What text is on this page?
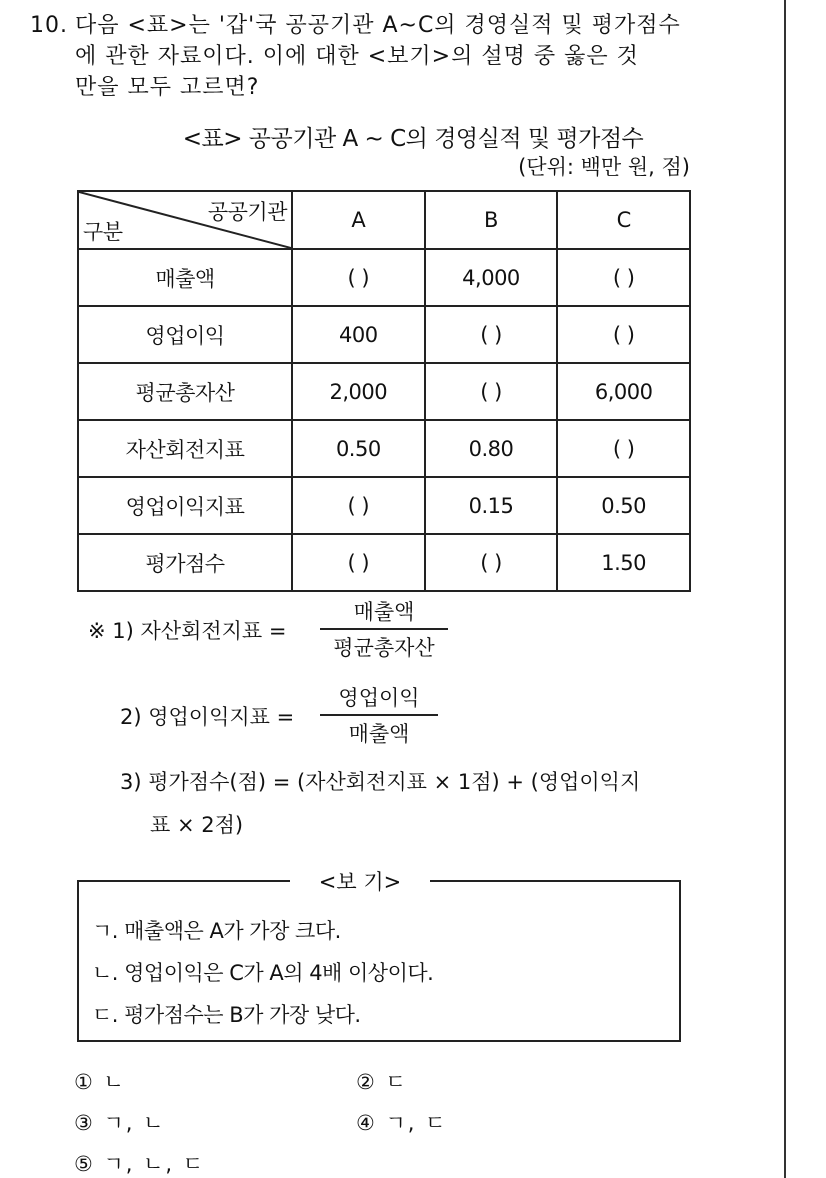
10. 다음 <표>는 '갑'국 공공기관 A~C의 경영실적 및 평가점수
에 관한 자료이다. 이에 대한 <보기>의 설명 중 옳은 것
만을 모두 고르면?
<표> 공공기관 A ~ C의 경영실적 및 평가점수
(단위: 백만 원, 점)
공공기관
구분	A	B	C
매출액	( )	4,000	( )
영업이익	400	( )	( )
평균총자산	2,000	( )	6,000
자산회전지표	0.50	0.80	( )
영업이익지표	( )	0.15	0.50
평가점수	( )	( )	1.50
※ 1) 자산회전지표 =
매출액
평균총자산
2) 영업이익지표 =
영업이익
매출액
3) 평가점수(점) = (자산회전지표 × 1점) + (영업이익지
표 × 2점)
<보 기>
ㄱ. 매출액은 A가 가장 크다.
ㄴ. 영업이익은 C가 A의 4배 이상이다.
ㄷ. 평가점수는 B가 가장 낮다.
① ㄴ	② ㄷ
③ ㄱ, ㄴ	④ ㄱ, ㄷ
⑤ ㄱ, ㄴ, ㄷ
